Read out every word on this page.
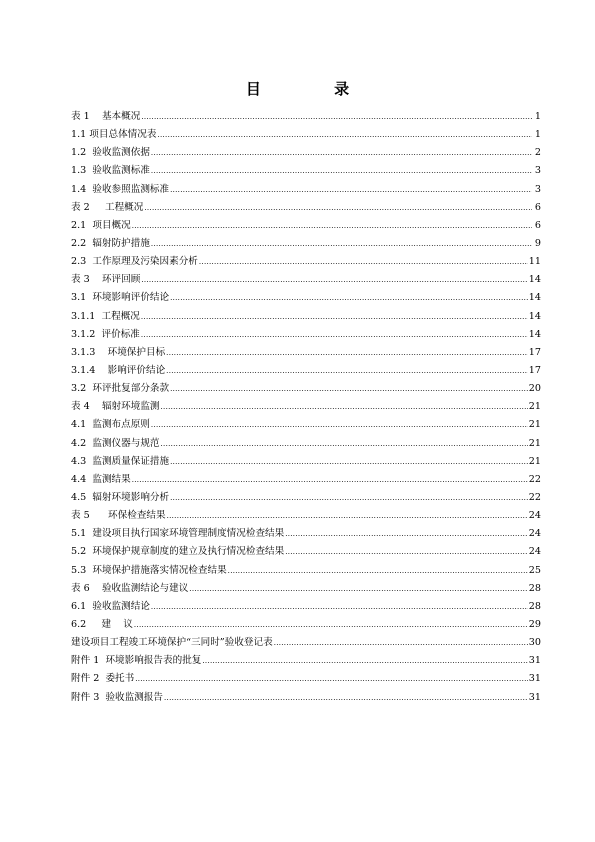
目 录
表 1    基本概况 .....	1
1.1 项目总体情况表 .....	1
1.2  验收监测依据 .....	2
1.3  验收监测标准 .....	3
1.4  验收参照监测标准 .....	3
表 2     工程概况 .....	6
2.1  项目概况 .....	6
2.2  辐射防护措施 .....	9
2.3  工作原理及污染因素分析 .....	11
表 3    环评回顾 .....	14
3.1  环境影响评价结论 .....	14
3.1.1  工程概况 .....	14
3.1.2  评价标准 .....	14
3.1.3    环境保护目标 .....	17
3.1.4    影响评价结论 .....	17
3.2  环评批复部分条款 .....	20
表 4    辐射环境监测 .....	21
4.1  监测布点原则 .....	21
4.2  监测仪器与规范 .....	21
4.3  监测质量保证措施 .....	21
4.4  监测结果 .....	22
4.5  辐射环境影响分析 .....	22
表 5      环保检查结果 .....	24
5.1  建设项目执行国家环境管理制度情况检查结果 .....	24
5.2  环境保护规章制度的建立及执行情况检查结果 .....	24
5.3  环境保护措施落实情况检查结果 .....	25
表 6    验收监测结论与建议 .....	28
6.1  验收监测结论 .....	28
6.2     建    议 .....	29
建设项目工程竣工环境保护“三同时”验收登记表 .....	30
附件 1  环境影响报告表的批复 .....	31
附件 2  委托书 .....	31
附件 3  验收监测报告 .....	31
